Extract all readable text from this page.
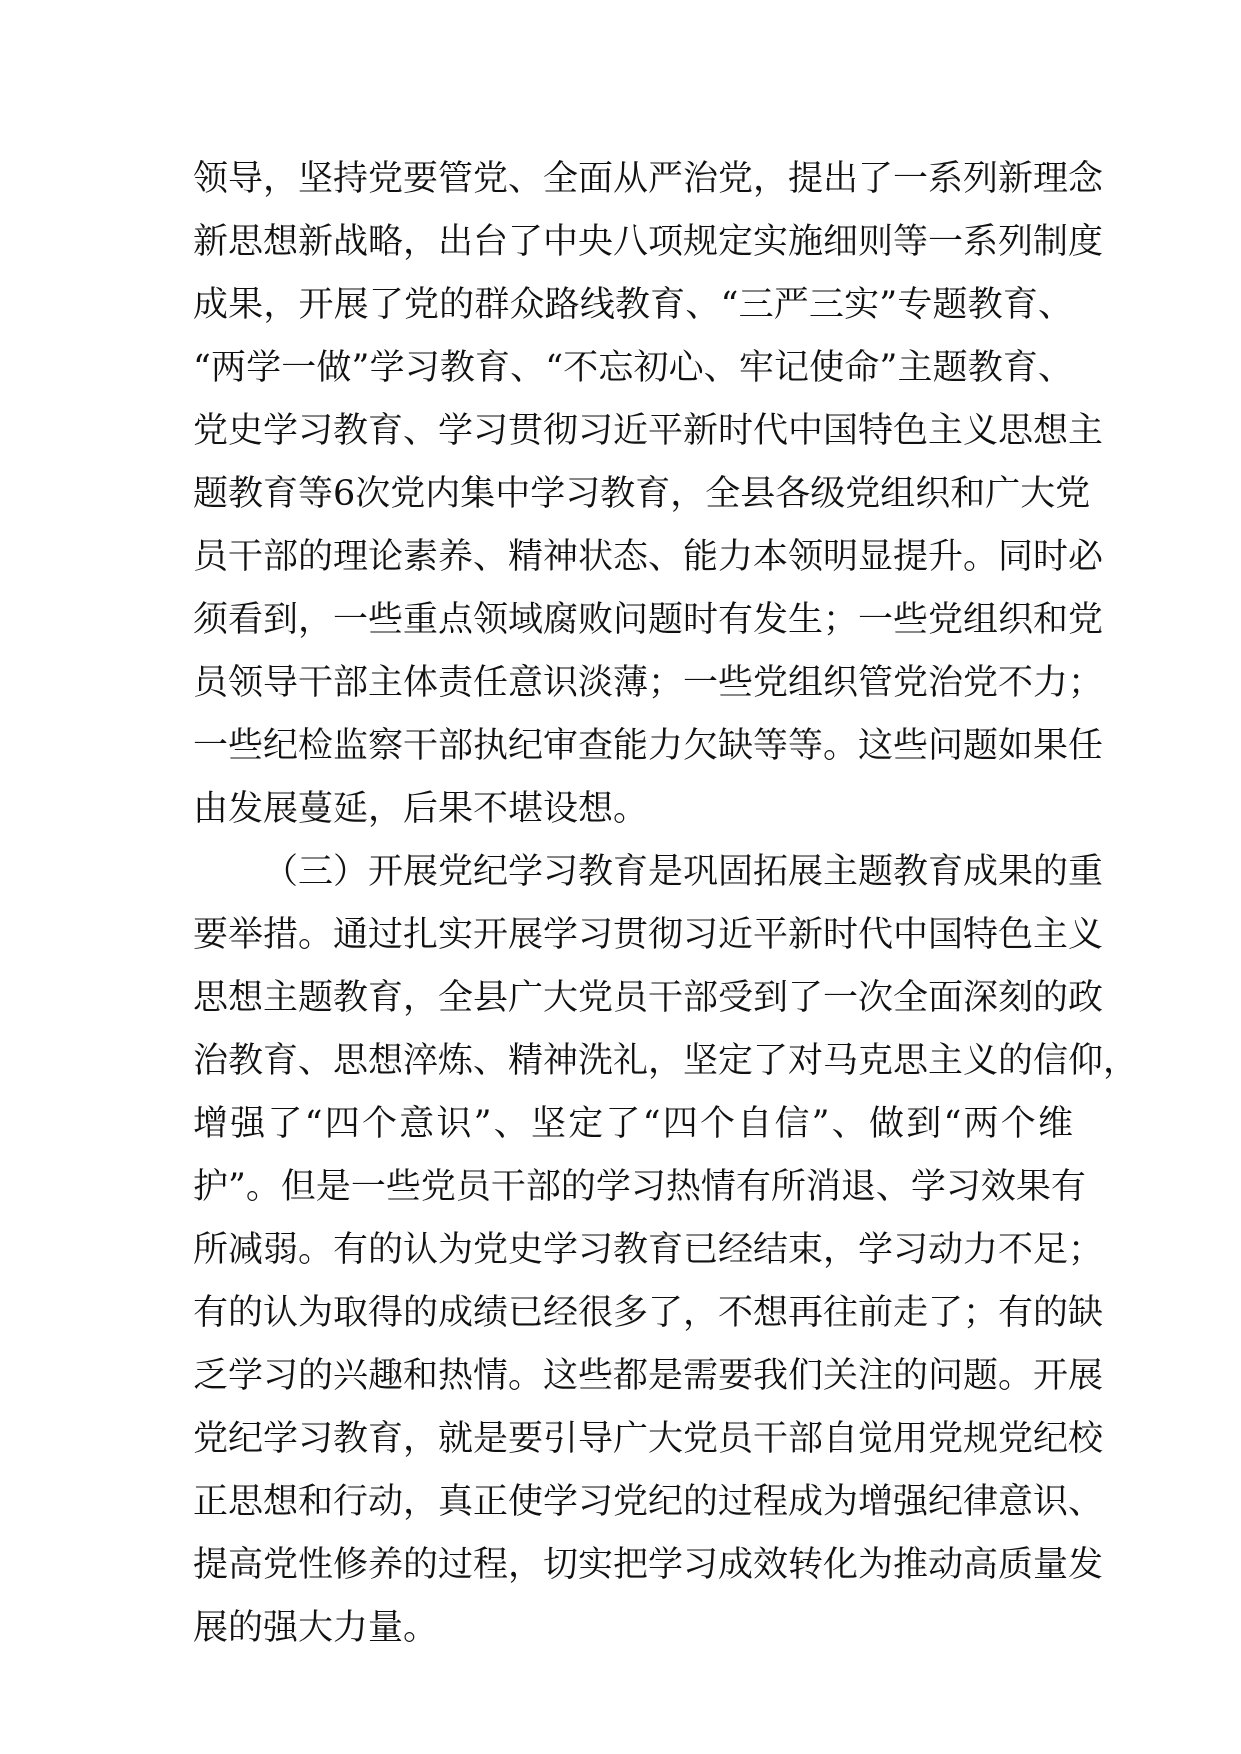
领导，坚持党要管党、全面从严治党，提出了一系列新理念
新思想新战略，出台了中央八项规定实施细则等一系列制度
成果，开展了党的群众路线教育、“三严三实”专题教育、
“两学一做”学习教育、“不忘初心、牢记使命”主题教育、
党史学习教育、学习贯彻习近平新时代中国特色主义思想主
题教育等6次党内集中学习教育，全县各级党组织和广大党
员干部的理论素养、精神状态、能力本领明显提升。同时必
须看到，一些重点领域腐败问题时有发生；一些党组织和党
员领导干部主体责任意识淡薄；一些党组织管党治党不力；
一些纪检监察干部执纪审查能力欠缺等等。这些问题如果任
由发展蔓延，后果不堪设想。
（三）开展党纪学习教育是巩固拓展主题教育成果的重
要举措。通过扎实开展学习贯彻习近平新时代中国特色主义
思想主题教育，全县广大党员干部受到了一次全面深刻的政
治教育、思想淬炼、精神洗礼，坚定了对马克思主义的信仰，
增强了“四个意识”、坚定了“四个自信”、做到“两个维
护”。但是一些党员干部的学习热情有所消退、学习效果有
所减弱。有的认为党史学习教育已经结束，学习动力不足；
有的认为取得的成绩已经很多了，不想再往前走了；有的缺
乏学习的兴趣和热情。这些都是需要我们关注的问题。开展
党纪学习教育，就是要引导广大党员干部自觉用党规党纪校
正思想和行动，真正使学习党纪的过程成为增强纪律意识、
提高党性修养的过程，切实把学习成效转化为推动高质量发
展的强大力量。
